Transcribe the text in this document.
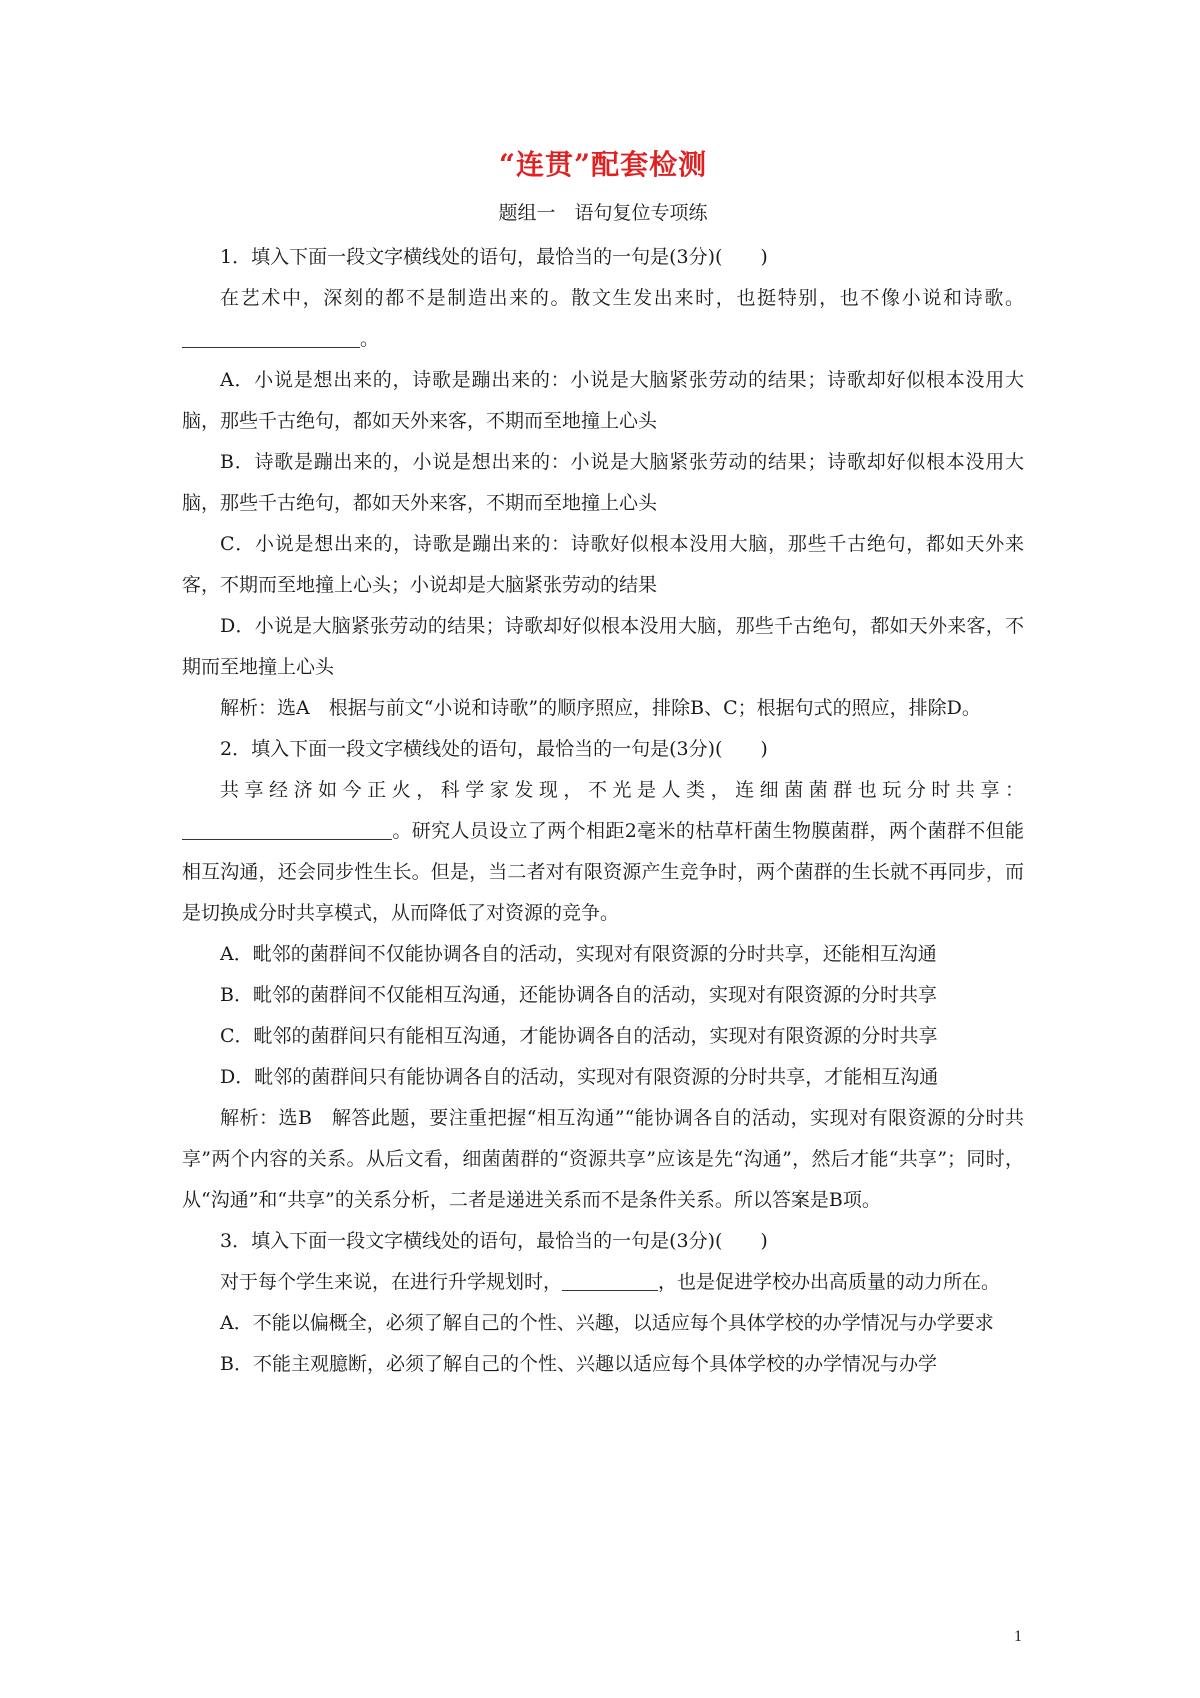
“连贯”配套检测
题组一　语句复位专项练

1．填入下面一段文字横线处的语句，最恰当的一句是(3分)(　　)

在艺术中，深刻的都不是制造出来的。散文生发出来时，也挺特别，也不像小说和诗歌。。

A．小说是想出来的，诗歌是蹦出来的：小说是大脑紧张劳动的结果；诗歌却好似根本没用大脑，那些千古绝句，都如天外来客，不期而至地撞上心头

B．诗歌是蹦出来的，小说是想出来的：小说是大脑紧张劳动的结果；诗歌却好似根本没用大脑，那些千古绝句，都如天外来客，不期而至地撞上心头

C．小说是想出来的，诗歌是蹦出来的：诗歌好似根本没用大脑，那些千古绝句，都如天外来客，不期而至地撞上心头；小说却是大脑紧张劳动的结果

D．小说是大脑紧张劳动的结果；诗歌却好似根本没用大脑，那些千古绝句，都如天外来客，不期而至地撞上心头

解析：选A　根据与前文“小说和诗歌”的顺序照应，排除B、C；根据句式的照应，排除D。

2．填入下面一段文字横线处的语句，最恰当的一句是(3分)(　　)

共享经济如今正火，科学家发现，不光是人类，连细菌菌群也玩分时共享：。研究人员设立了两个相距2毫米的枯草杆菌生物膜菌群，两个菌群不但能相互沟通，还会同步性生长。但是，当二者对有限资源产生竞争时，两个菌群的生长就不再同步，而是切换成分时共享模式，从而降低了对资源的竞争。

A．毗邻的菌群间不仅能协调各自的活动，实现对有限资源的分时共享，还能相互沟通

B．毗邻的菌群间不仅能相互沟通，还能协调各自的活动，实现对有限资源的分时共享

C．毗邻的菌群间只有能相互沟通，才能协调各自的活动，实现对有限资源的分时共享

D．毗邻的菌群间只有能协调各自的活动，实现对有限资源的分时共享，才能相互沟通

解析：选B　解答此题，要注重把握“相互沟通”“能协调各自的活动，实现对有限资源的分时共享”两个内容的关系。从后文看，细菌菌群的“资源共享”应该是先“沟通”，然后才能“共享”；同时，从“沟通”和“共享”的关系分析，二者是递进关系而不是条件关系。所以答案是B项。

3．填入下面一段文字横线处的语句，最恰当的一句是(3分)(　　)

对于每个学生来说，在进行升学规划时，	，也是促进学校办出高质量的动力所在。

A．不能以偏概全，必须了解自己的个性、兴趣，以适应每个具体学校的办学情况与办学要求

B．不能主观臆断，必须了解自己的个性、兴趣以适应每个具体学校的办学情况与办学

1
